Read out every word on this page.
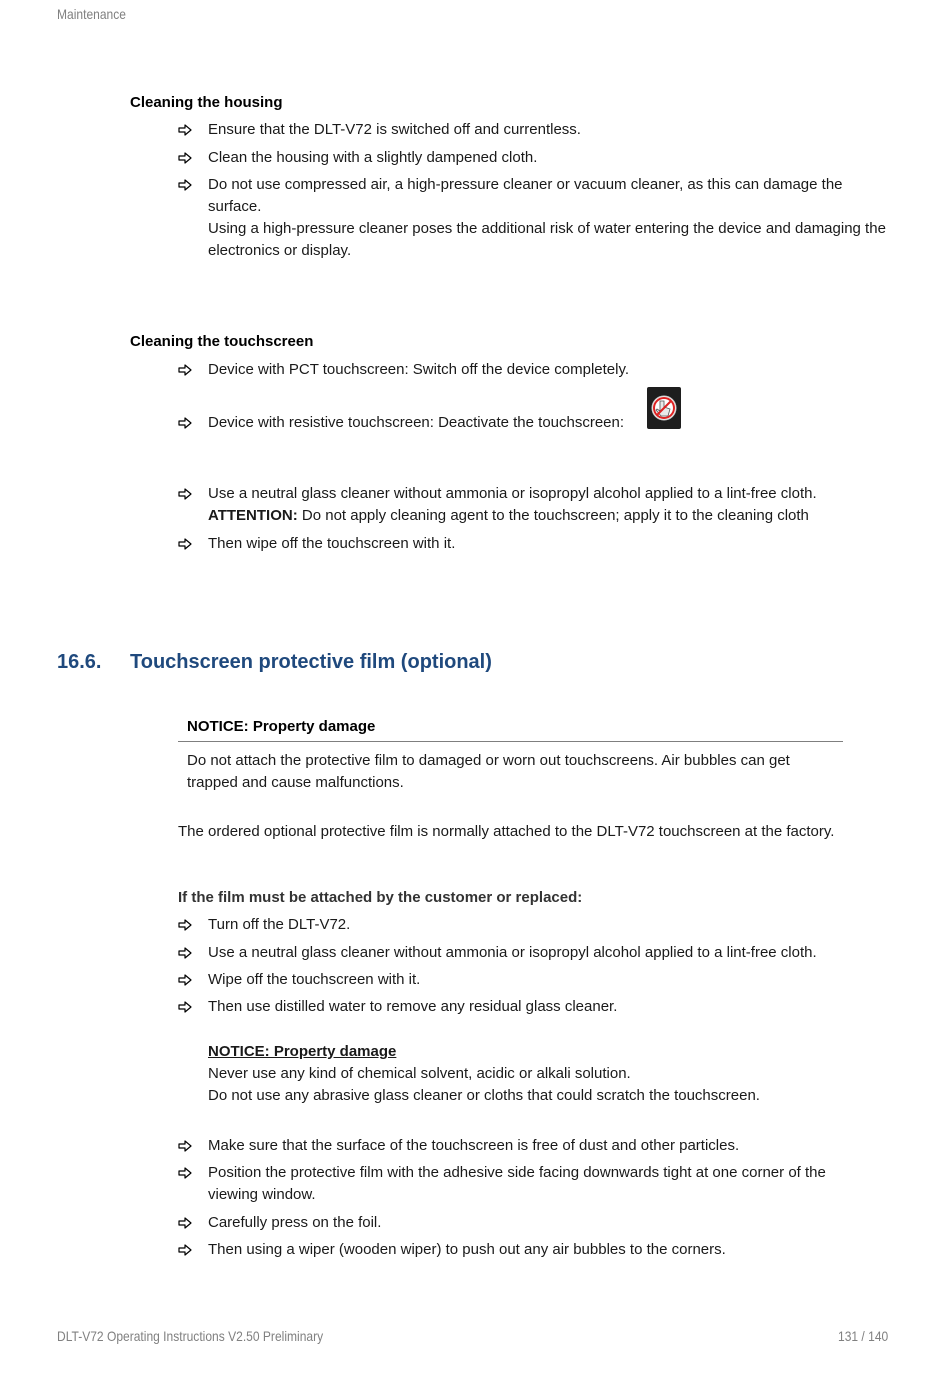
Maintenance
Cleaning the housing
Ensure that the DLT-V72 is switched off and currentless.
Clean the housing with a slightly dampened cloth.
Do not use compressed air, a high-pressure cleaner or vacuum cleaner, as this can damage the surface.
Using a high-pressure cleaner poses the additional risk of water entering the device and damaging the electronics or display.
Cleaning the touchscreen
Device with PCT touchscreen: Switch off the device completely.
Device with resistive touchscreen: Deactivate the touchscreen:
Use a neutral glass cleaner without ammonia or isopropyl alcohol applied to a lint-free cloth.
ATTENTION: Do not apply cleaning agent to the touchscreen; apply it to the cleaning cloth
Then wipe off the touchscreen with it.
16.6. Touchscreen protective film (optional)
NOTICE: Property damage
Do not attach the protective film to damaged or worn out touchscreens. Air bubbles can get trapped and cause malfunctions.
The ordered optional protective film is normally attached to the DLT-V72 touchscreen at the factory.
If the film must be attached by the customer or replaced:
Turn off the DLT-V72.
Use a neutral glass cleaner without ammonia or isopropyl alcohol applied to a lint-free cloth.
Wipe off the touchscreen with it.
Then use distilled water to remove any residual glass cleaner.
NOTICE: Property damage
Never use any kind of chemical solvent, acidic or alkali solution.
Do not use any abrasive glass cleaner or cloths that could scratch the touchscreen.
Make sure that the surface of the touchscreen is free of dust and other particles.
Position the protective film with the adhesive side facing downwards tight at one corner of the viewing window.
Carefully press on the foil.
Then using a wiper (wooden wiper) to push out any air bubbles to the corners.
DLT-V72 Operating Instructions V2.50 Preliminary	131 / 140
